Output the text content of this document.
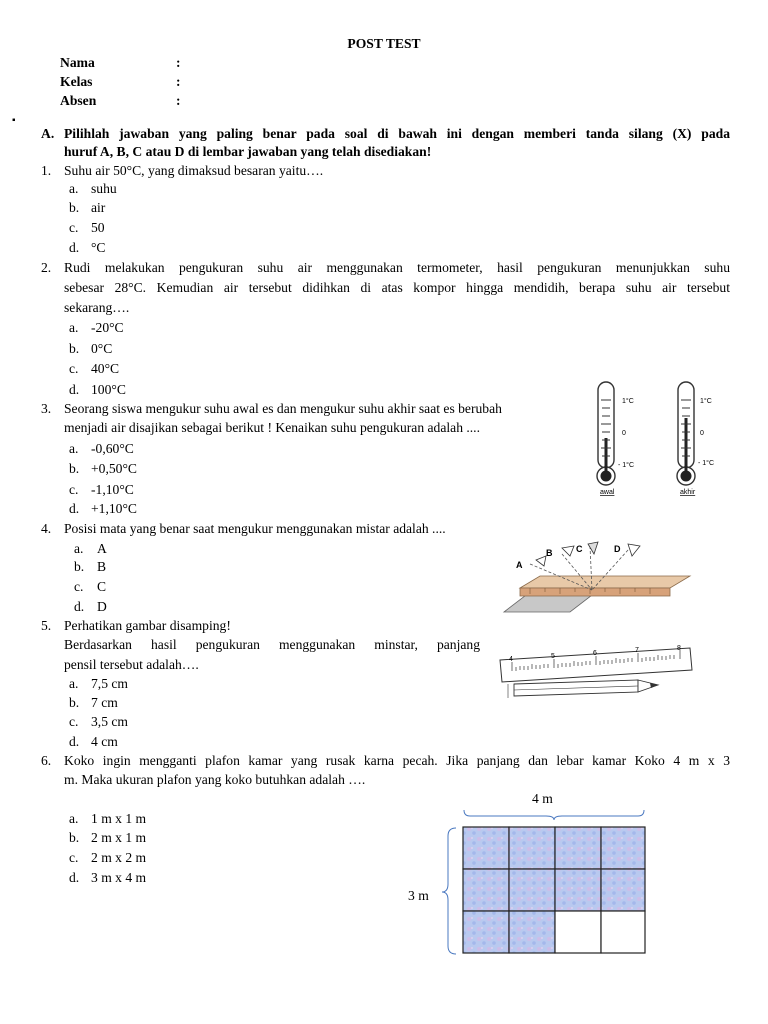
POST TEST
Nama	:
Kelas	:
Absen	:
▪
A. Pilihlah jawaban yang paling benar pada soal di bawah ini dengan memberi tanda silang (X) pada
huruf A, B, C atau D di lembar jawaban yang telah disediakan!
1. Suhu air 50°C, yang dimaksud besaran yaitu….
a. suhu
b. air
c. 50
d. °C
2. Rudi melakukan pengukuran suhu air menggunakan termometer, hasil pengukuran menunjukkan suhu
sebesar 28°C. Kemudian air tersebut didihkan di atas kompor hingga mendidih, berapa suhu air tersebut
sekarang….
a. -20°C
b. 0°C
c. 40°C
d. 100°C
3. Seorang siswa mengukur suhu awal es dan mengukur suhu akhir saat es berubah
menjadi air disajikan sebagai berikut ! Kenaikan suhu pengukuran adalah ....
a. -0,60°C
b. +0,50°C
c. -1,10°C
d. +1,10°C
1°C
0
- 1°C
awal
1°C
0
- 1°C
akhir
4. Posisi mata yang benar saat mengukur menggunakan mistar adalah ....
a. A
b. B
c. C
d. D
A
B	C	D
5. Perhatikan gambar disamping!
Berdasarkan hasil pengukuran menggunakan minstar, panjang
pensil tersebut adalah….
a. 7,5 cm
b. 7 cm
c. 3,5 cm
d. 4 cm
4	5	6	7	8
6. Koko ingin mengganti plafon kamar yang rusak karna pecah. Jika panjang dan lebar kamar Koko 4 m x 3
m. Maka ukuran plafon yang koko butuhkan adalah ….
a. 1 m x 1 m
b. 2 m x 1 m
c. 2 m x 2 m
d. 3 m x 4 m
4 m
3 m
